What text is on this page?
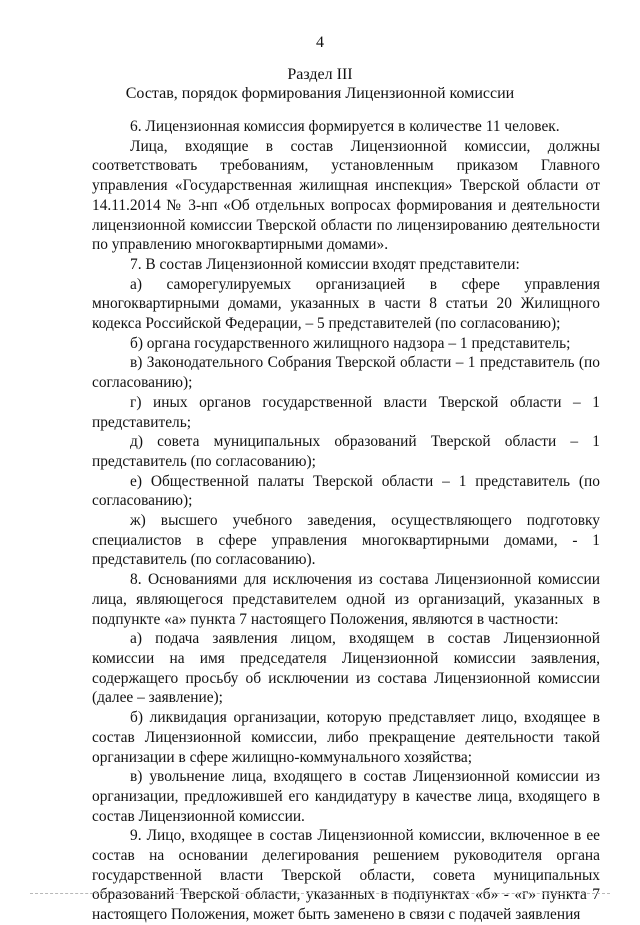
4
Раздел III
Состав, порядок формирования Лицензионной комиссии

6. Лицензионная комиссия формируется в количестве 11 человек.

Лица, входящие в состав Лицензионной комиссии, должны соответствовать требованиям, установленным приказом Главного управления «Государственная жилищная инспекция» Тверской области от 14.11.2014 № 3-нп «Об отдельных вопросах формирования и деятельности лицензионной комиссии Тверской области по лицензированию деятельности по управлению многоквартирными домами».

7. В состав Лицензионной комиссии входят представители:

а) саморегулируемых организацией в сфере управления многоквартирными домами, указанных в части 8 статьи 20 Жилищного кодекса Российской Федерации, – 5 представителей (по согласованию);

б) органа государственного жилищного надзора – 1 представитель;

в) Законодательного Собрания Тверской области – 1 представитель (по согласованию);

г) иных органов государственной власти Тверской области – 1 представитель;

д) совета муниципальных образований Тверской области – 1 представитель (по согласованию);

е) Общественной палаты Тверской области – 1 представитель (по согласованию);

ж) высшего учебного заведения, осуществляющего подготовку специалистов в сфере управления многоквартирными домами, - 1 представитель (по согласованию).

8. Основаниями для исключения из состава Лицензионной комиссии лица, являющегося представителем одной из организаций, указанных в подпункте «а» пункта 7 настоящего Положения, являются в частности:

а) подача заявления лицом, входящем в состав Лицензионной комиссии на имя председателя Лицензионной комиссии заявления, содержащего просьбу об исключении из состава Лицензионной комиссии (далее – заявление);

б) ликвидация организации, которую представляет лицо, входящее в состав Лицензионной комиссии, либо прекращение деятельности такой организации в сфере жилищно-коммунального хозяйства;

в) увольнение лица, входящего в состав Лицензионной комиссии из организации, предложившей его кандидатуру в качестве лица, входящего в состав Лицензионной комиссии.

9. Лицо, входящее в состав Лицензионной комиссии, включенное в ее состав на основании делегирования решением руководителя органа государственной власти Тверской области, совета муниципальных образований Тверской области, указанных в подпунктах «б» - «г» пункта 7 настоящего Положения, может быть заменено в связи с подачей заявления
